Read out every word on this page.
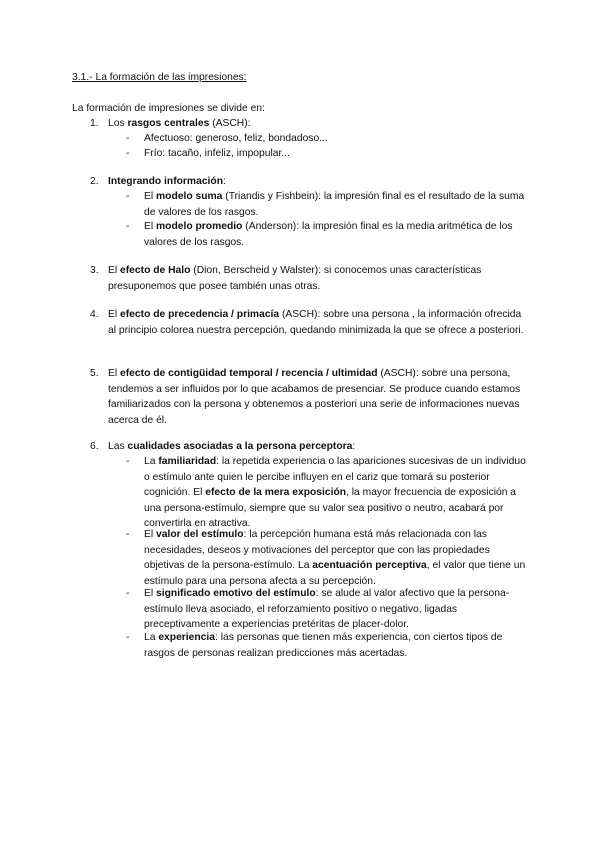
3.1.- La formación de las impresiones:
La formación de impresiones se divide en:
1. Los rasgos centrales (ASCH):
- Afectuoso: generoso, feliz, bondadoso...
- Frío: tacaño, infeliz, impopular...
2. Integrando información:
- El modelo suma (Triandis y Fishbein): la impresión final es el resultado de la suma de valores de los rasgos.
- El modelo promedio (Anderson): la impresión final es la media aritmética de los valores de los rasgos.
3. El efecto de Halo (Dion, Berscheid y Walster): si conocemos unas características presuponemos que posee también unas otras.
4. El efecto de precedencia / primacía (ASCH): sobre una persona , la información ofrecida al principio colorea nuestra percepción, quedando minimizada la que se ofrece a posteriori.
5. El efecto de contigüidad temporal / recencia / ultimidad (ASCH): sobre una persona, tendemos a ser influidos por lo que acabamos de presenciar. Se produce cuando estamos familiarizados con la persona y obtenemos a posteriori una serie de informaciones nuevas acerca de él.
6. Las cualidades asociadas a la persona perceptora:
- La familiaridad: la repetida experiencia o las apariciones sucesivas de un individuo o estímulo ante quien le percibe influyen en el cariz que tomará su posterior cognición. El efecto de la mera exposición, la mayor frecuencia de exposición a una persona-estímulo, siempre que su valor sea positivo o neutro, acabará por convertirla en atractiva.
- El valor del estímulo: la percepción humana está más relacionada con las necesidades, deseos y motivaciones del perceptor que con las propiedades objetivas de la persona-estímulo. La acentuación perceptiva, el valor que tiene un estímulo para una persona afecta a su percepción.
- El significado emotivo del estímulo: se alude al valor afectivo que la persona-estímulo lleva asociado, el reforzamiento positivo o negativo, ligadas preceptivamente a experiencias pretéritas de placer-dolor.
- La experiencia: las personas que tienen más experiencia, con ciertos tipos de rasgos de personas realizan predicciones más acertadas.
